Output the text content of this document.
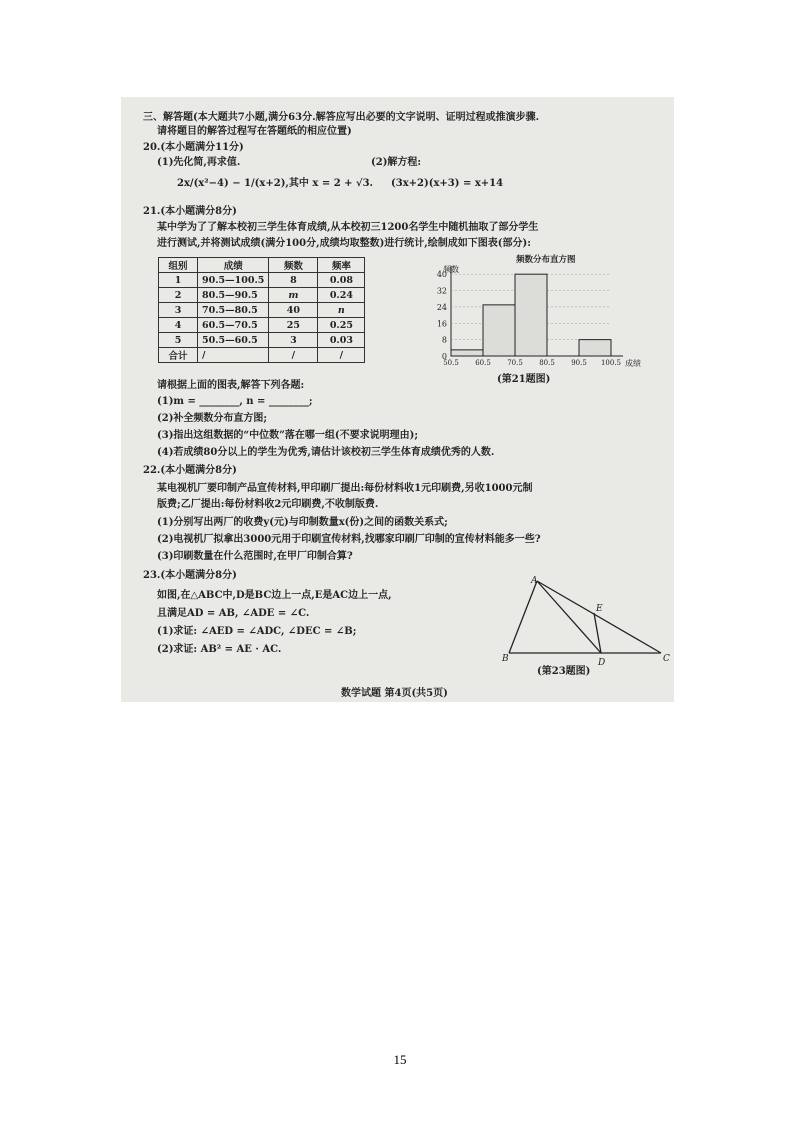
三、解答题(本大题共7小题,满分63分.解答应写出必要的文字说明、证明过程或推演步骤.
请将题目的解答过程写在答题纸的相应位置)
20.(本小题满分11分)
(1)先化简,再求值.	(2)解方程:
2x/(x²−4) − 1/(x+2),其中 x = 2 + √3. (3x+2)(x+3) = x+14
21.(本小题满分8分)
某中学为了了解本校初三学生体育成绩,从本校初三1200名学生中随机抽取了部分学生
进行测试,并将测试成绩(满分100分,成绩均取整数)进行统计,绘制成如下图表(部分):
组别	成绩	频数	频率
1	90.5—100.5	8	0.08
2	80.5—90.5	m	0.24
3	70.5—80.5	40	n
4	60.5—70.5	25	0.25
5	50.5—60.5	3	0.03
合计	/	/	/
频数分布直方图
频数
0
8
16
24
32
40
50.5 60.5 70.5 80.5 90.5 100.5 成绩
(第21题图)
请根据上面的图表,解答下列各题:
(1)m = ________, n = ________;
(2)补全频数分布直方图;
(3)指出这组数据的“中位数”落在哪一组(不要求说明理由);
(4)若成绩80分以上的学生为优秀,请估计该校初三学生体育成绩优秀的人数.
22.(本小题满分8分)
某电视机厂要印制产品宣传材料,甲印刷厂提出:每份材料收1元印刷费,另收1000元制
版费;乙厂提出:每份材料收2元印刷费,不收制版费.
(1)分别写出两厂的收费y(元)与印制数量x(份)之间的函数关系式;
(2)电视机厂拟拿出3000元用于印刷宣传材料,找哪家印刷厂印制的宣传材料能多一些?
(3)印刷数量在什么范围时,在甲厂印制合算?
23.(本小题满分8分)
如图,在△ABC中,D是BC边上一点,E是AC边上一点,
且满足AD = AB, ∠ADE = ∠C.
(1)求证: ∠AED = ∠ADC, ∠DEC = ∠B;
(2)求证: AB² = AE · AC.
A
B	C
D
E
(第23题图)
数学试题 第4页(共5页)
15
